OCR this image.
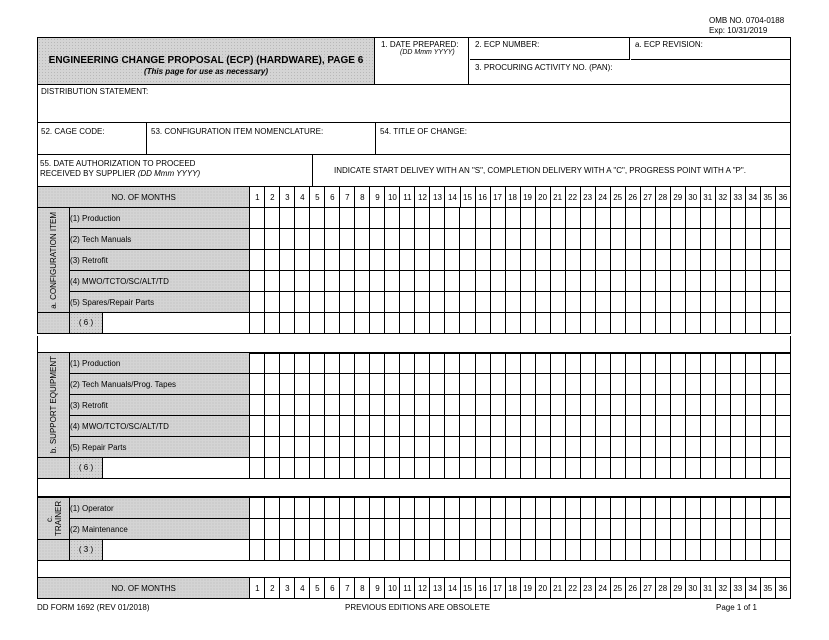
OMB NO. 0704-0188
Exp: 10/31/2019
ENGINEERING CHANGE PROPOSAL (ECP) (HARDWARE), PAGE 6
(This page for use as necessary)
1. DATE PREPARED:
(DD Mmm YYYY)
2. ECP NUMBER:	a. ECP REVISION:
3. PROCURING ACTIVITY NO. (PAN):
DISTRIBUTION STATEMENT:
52. CAGE CODE:	53. CONFIGURATION ITEM NOMENCLATURE:	54. TITLE OF CHANGE:
55. DATE AUTHORIZATION TO PROCEED
RECEIVED BY SUPPLIER (DD Mmm YYYY)	INDICATE START DELIVEY WITH AN "S", COMPLETION DELIVERY WITH A "C", PROGRESS POINT WITH A "P".
NO. OF MONTHS	1	2	3	4	5	6	7	8	9	10	11	12	13	14	15	16	17	18	19	20	21	22	23	24	25	26	27	28	29	30	31	32	33	34	35	36
a. CONFIGURATION ITEM	(1) Production																																				
	(2) Tech Manuals																																				
	(3) Retrofit																																				
	(4) MWO/TCTO/SC/ALT/TD																																				
	(5) Spares/Repair Parts																																				

	( 6 )																																				

b. SUPPORT EQUIPMENT	(1) Production																																				
	(2) Tech Manuals/Prog. Tapes																																				
	(3) Retrofit																																				
	(4) MWO/TCTO/SC/ALT/TD																																				
	(5) Repair Parts																																				

	( 6 )																																				

c. TRAINER	(1) Operator																																				
	(2) Maintenance																																				

	( 3 )																																				

NO. OF MONTHS	1	2	3	4	5	6	7	8	9	10	11	12	13	14	15	16	17	18	19	20	21	22	23	24	25	26	27	28	29	30	31	32	33	34	35	36
DD FORM 1692 (REV 01/2018)	PREVIOUS EDITIONS ARE OBSOLETE	Page 1 of 1
